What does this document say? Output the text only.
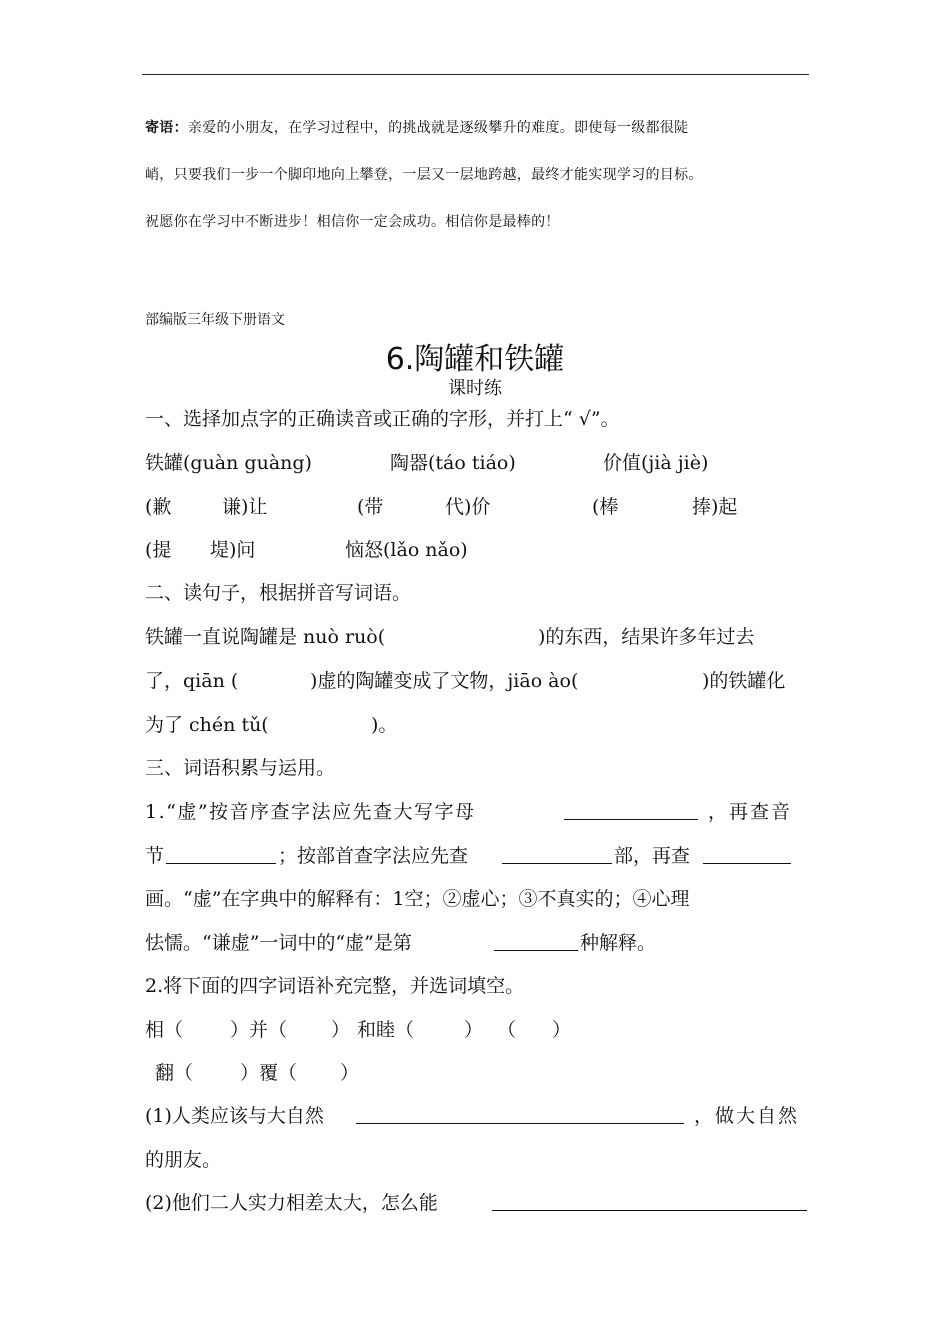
寄语：亲爱的小朋友，在学习过程中，的挑战就是逐级攀升的难度。即使每一级都很陡
峭，只要我们一步一个脚印地向上攀登，一层又一层地跨越，最终才能实现学习的目标。
祝愿你在学习中不断进步！相信你一定会成功。相信你是最棒的！
部编版三年级下册语文
6.陶罐和铁罐
课时练
一、选择加点字的正确读音或正确的字形，并打上“ √”。
铁罐(guàn guàng)	陶器(táo tiáo)	价值(jià jiè)
(歉	谦)让	(带	代)价	(棒	捧)起
(提 堤)问	恼怒(lǎo nǎo)
二、读句子，根据拼音写词语。
铁罐一直说陶罐是 nuò ruò(	)的东西，结果许多年过去
了，qiān (	)虚的陶罐变成了文物，jiāo ào(	)的铁罐化
为了 chén tǔ(	)。
三、词语积累与运用。
1.“虚”按音序查字法应先查大写字母	，再查音
节	；按部首查字法应先查	部，再查
画。“虚”在字典中的解释有：1空；②虚心；③不真实的；④心理
怯懦。“谦虚”一词中的“虚”是第	种解释。
2.将下面的四字词语补充完整，并选词填空。
相（ ）并（ ） 和睦（	） （ ）
翻（ ）覆（ ）
(1)人类应该与大自然	，做大自然
的朋友。
(2)他们二人实力相差太大，怎么能
